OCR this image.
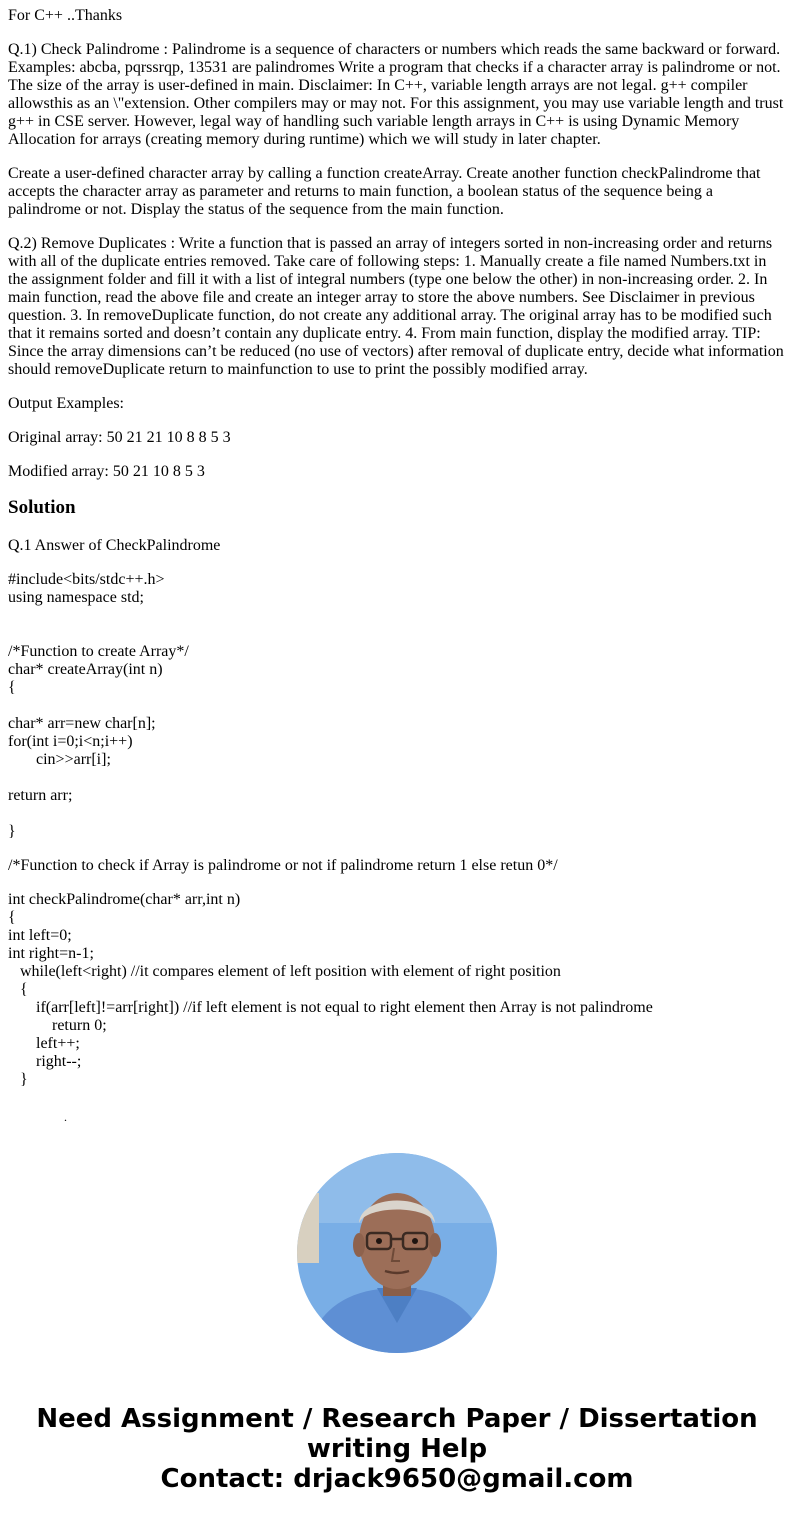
For C++ ..Thanks

Q.1) Check Palindrome : Palindrome is a sequence of characters or numbers which reads the same backward or forward. Examples: abcba, pqrssrqp, 13531 are palindromes Write a program that checks if a character array is palindrome or not. The size of the array is user-defined in main. Disclaimer: In C++, variable length arrays are not legal. g++ compiler allowsthis as an \"extension. Other compilers may or may not. For this assignment, you may use variable length and trust g++ in CSE server. However, legal way of handling such variable length arrays in C++ is using Dynamic Memory Allocation for arrays (creating memory during runtime) which we will study in later chapter.

Create a user-defined character array by calling a function createArray. Create another function checkPalindrome that accepts the character array as parameter and returns to main function, a boolean status of the sequence being a palindrome or not. Display the status of the sequence from the main function.

Q.2) Remove Duplicates : Write a function that is passed an array of integers sorted in non-increasing order and returns with all of the duplicate entries removed. Take care of following steps: 1. Manually create a file named Numbers.txt in the assignment folder and fill it with a list of integral numbers (type one below the other) in non-increasing order. 2. In main function, read the above file and create an integer array to store the above numbers. See Disclaimer in previous question. 3. In removeDuplicate function, do not create any additional array. The original array has to be modified such that it remains sorted and doesn’t contain any duplicate entry. 4. From main function, display the modified array. TIP: Since the array dimensions can’t be reduced (no use of vectors) after removal of duplicate entry, decide what information should removeDuplicate return to mainfunction to use to print the possibly modified array.

Output Examples:

Original array: 50 21 21 10 8 8 5 3

Modified array: 50 21 10 8 5 3

Solution

Q.1 Answer of CheckPalindrome

#include<bits/stdc++.h>
using namespace std;

/*Function to create Array*/
char* createArray(int n)
{

char* arr=new char[n];
for(int i=0;i<n;i++)
cin>>arr[i];

return arr;

}
/*Function to check if Array is palindrome or not if palindrome return 1 else retun 0*/
int checkPalindrome(char* arr,int n)
{
int left=0;
int right=n-1;
while(left<right) //it compares element of left position with element of right position
{
if(arr[left]!=arr[right]) //if left element is not equal to right element then Array is not palindrome
return 0;
left++;
right--;
}
.
Need Assignment / Research Paper / Dissertation
writing Help
Contact: drjack9650@gmail.com
